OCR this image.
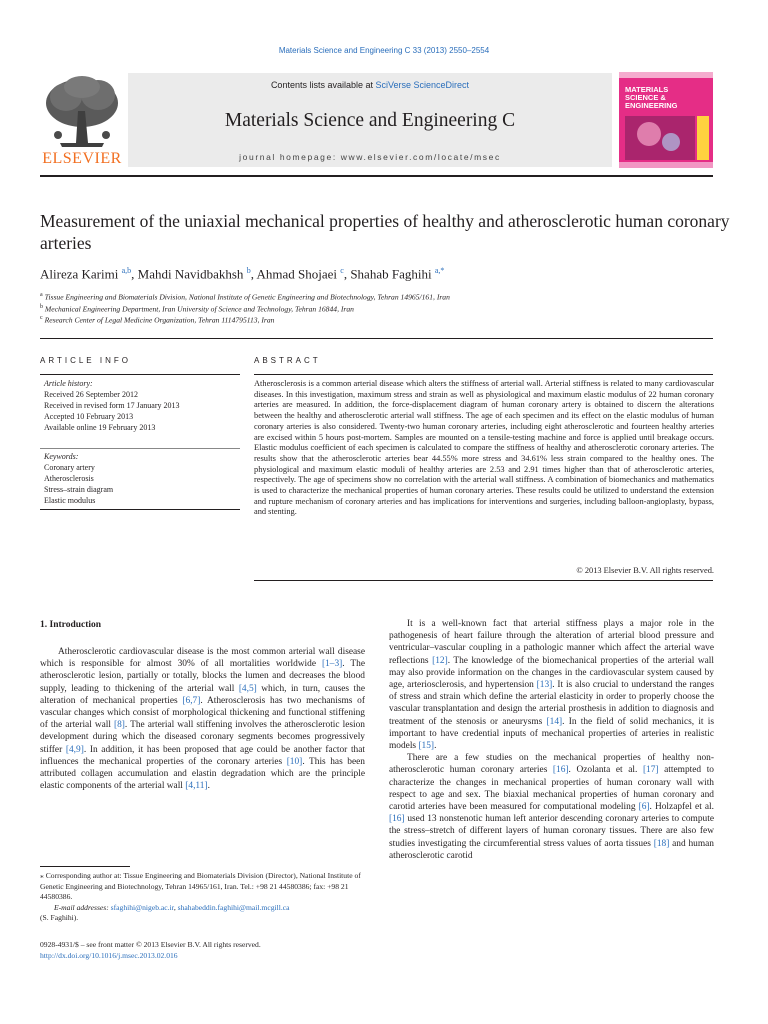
Materials Science and Engineering C 33 (2013) 2550–2554
Contents lists available at SciVerse ScienceDirect
Materials Science and Engineering C
journal homepage: www.elsevier.com/locate/msec
ELSEVIER
MATERIALS
SCIENCE &
ENGINEERING
Measurement of the uniaxial mechanical properties of healthy and atherosclerotic human coronary arteries
Alireza Karimi $^{a,b}$, Mahdi Navidbakhsh $^b$, Ahmad Shojaei $^c$, Shahab Faghihi $^{a,*}$
$^a$ Tissue Engineering and Biomaterials Division, National Institute of Genetic Engineering and Biotechnology, Tehran 14965/161, Iran
$^b$ Mechanical Engineering Department, Iran University of Science and Technology, Tehran 16844, Iran
$^c$ Research Center of Legal Medicine Organization, Tehran 1114795113, Iran
ARTICLE INFO
Article history:
Received 26 September 2012
Received in revised form 17 January 2013
Accepted 10 February 2013
Available online 19 February 2013
Keywords:
Coronary artery
Atherosclerosis
Stress–strain diagram
Elastic modulus
ABSTRACT
Atherosclerosis is a common arterial disease which alters the stiffness of arterial wall. Arterial stiffness is related to many cardiovascular diseases. In this investigation, maximum stress and strain as well as physiological and maximum elastic modulus of 22 human coronary arteries are measured. In addition, the force-displacement diagram of human coronary artery is obtained to discern the alterations between the healthy and atherosclerotic arterial wall stiffness. The age of each specimen and its effect on the elastic modulus of human coronary arteries is also considered. Twenty-two human coronary arteries, including eight atherosclerotic and fourteen healthy arteries are excised within 5 hours post-mortem. Samples are mounted on a tensile-testing machine and force is applied until breakage occurs. Elastic modulus coefficient of each specimen is calculated to compare the stiffness of healthy and atherosclerotic coronary arteries. The results show that the atherosclerotic arteries bear 44.55% more stress and 34.61% less strain compared to the healthy ones. The physiological and maximum elastic moduli of healthy arteries are 2.53 and 2.91 times higher than that of atherosclerotic arteries, respectively. The age of specimens show no correlation with the arterial wall stiffness. A combination of biomechanics and mathematics is used to characterize the mechanical properties of human coronary arteries. These results could be utilized to understand the extension and rupture mechanism of coronary arteries and has implications for interventions and surgeries, including balloon-angioplasty, bypass, and stenting.
© 2013 Elsevier B.V. All rights reserved.
1. Introduction

Atherosclerotic cardiovascular disease is the most common arterial wall disease which is responsible for almost 30% of all mortalities worldwide [1–3]. The atherosclerotic lesion, partially or totally, blocks the lumen and decreases the blood supply, leading to thickening of the arterial wall [4,5] which, in turn, causes the alteration of mechanical properties [6,7]. Atherosclerosis has two mechanisms of vascular changes which consist of morphological thickening and functional stiffening of the arterial wall [8]. The arterial wall stiffening involves the atherosclerotic lesion development during which the diseased coronary segments becomes progressively stiffer [4,9]. In addition, it has been proposed that age could be another factor that influences the mechanical properties of the coronary arteries [10]. This has been attributed collagen accumulation and elastin degradation which are the principle elastic components of the arterial wall [4,11].

It is a well-known fact that arterial stiffness plays a major role in the pathogenesis of heart failure through the alteration of arterial blood pressure and ventricular–vascular coupling in a pathologic manner which affect the arterial wave reflections [12]. The knowledge of the biomechanical properties of the arterial wall may also provide information on the changes in the cardiovascular system caused by age, arteriosclerosis, and hypertension [13]. It is also crucial to understand the ranges of stress and strain which define the arterial elasticity in order to properly choose the vascular transplantation and design the arterial prosthesis in addition to diagnosis and treatment of the stenosis or aneurysms [14]. In the field of solid mechanics, it is important to have credential inputs of mechanical properties of arteries in realistic models [15].

There are a few studies on the mechanical properties of healthy non-atherosclerotic human coronary arteries [16]. Ozolanta et al. [17] attempted to characterize the changes in mechanical properties of human coronary wall with respect to age and sex. The biaxial mechanical properties of human coronary and carotid arteries have been measured for computational modeling [6]. Holzapfel et al. [16] used 13 nonstenotic human left anterior descending coronary arteries to compute the stress–stretch of different layers of human coronary tissues. There are also few studies investigating the circumferential stress values of aorta tissues [18] and human atherosclerotic carotid

⁎ Corresponding author at: Tissue Engineering and Biomaterials Division (Director), National Institute of Genetic Engineering and Biotechnology, Tehran 14965/161, Iran. Tel.: +98 21 44580386; fax: +98 21 44580386.
E-mail addresses: sfaghihi@nigeb.ac.ir, shahabeddin.faghihi@mail.mcgill.ca
(S. Faghihi).
0928-4931/$ – see front matter © 2013 Elsevier B.V. All rights reserved.
http://dx.doi.org/10.1016/j.msec.2013.02.016
